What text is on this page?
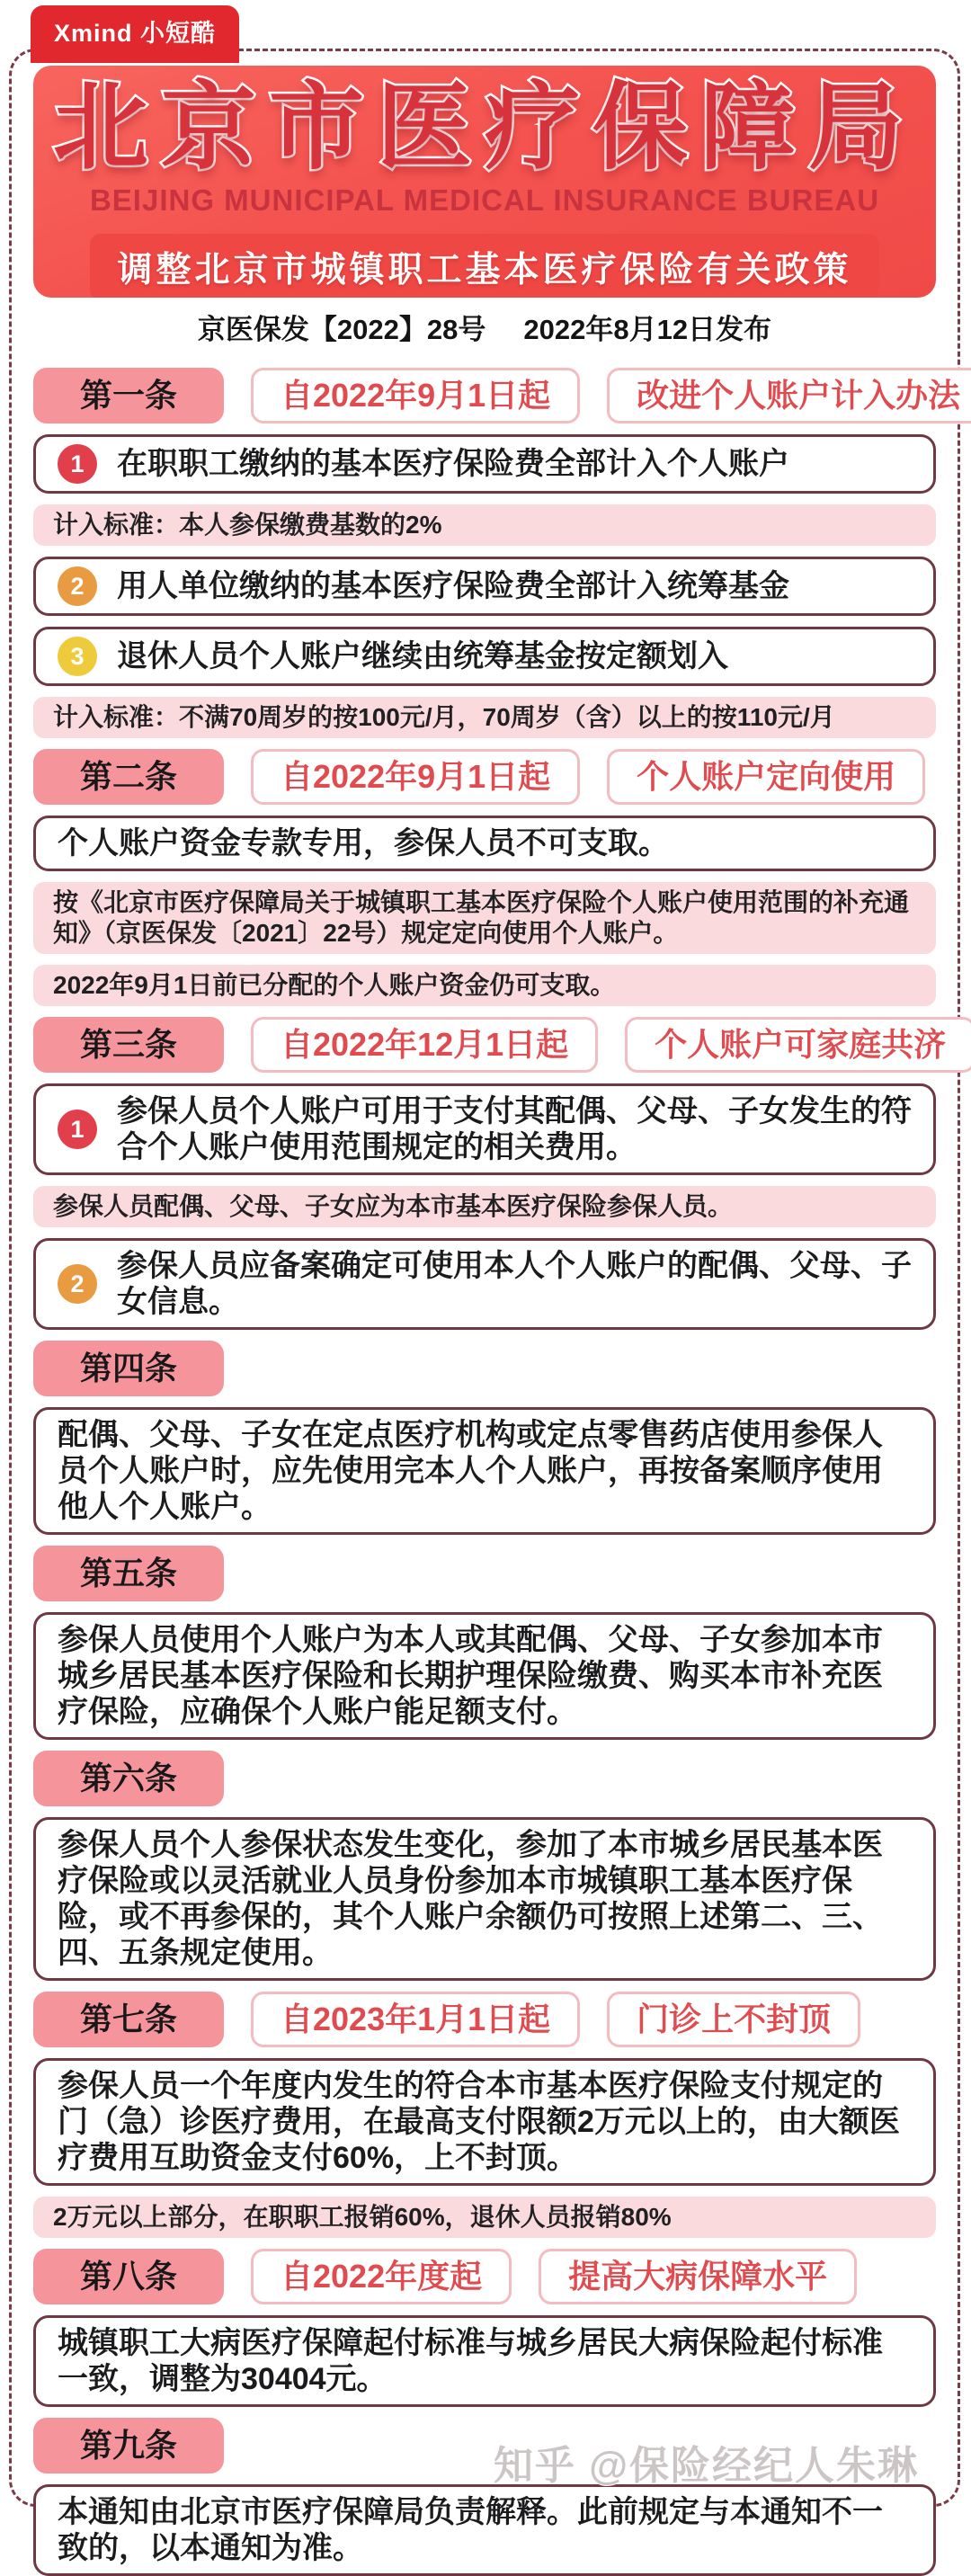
Xmind 小短酷
北京市医疗保障局
BEIJING MUNICIPAL MEDICAL INSURANCE BUREAU
调整北京市城镇职工基本医疗保险有关政策
京医保发【2022】28号 2022年8月12日发布
第一条	自2022年9月1日起	改进个人账户计入办法
1	在职职工缴纳的基本医疗保险费全部计入个人账户
计入标准：本人参保缴费基数的2%
2	用人单位缴纳的基本医疗保险费全部计入统筹基金
3	退休人员个人账户继续由统筹基金按定额划入
计入标准：不满70周岁的按100元/月，70周岁（含）以上的按110元/月
第二条	自2022年9月1日起	个人账户定向使用
个人账户资金专款专用，参保人员不可支取。
按《北京市医疗保障局关于城镇职工基本医疗保险个人账户使用范围的补充通知》（京医保发〔2021〕22号）规定定向使用个人账户。
2022年9月1日前已分配的个人账户资金仍可支取。
第三条	自2022年12月1日起	个人账户可家庭共济
1
参保人员个人账户可用于支付其配偶、父母、子女发生的符合个人账户使用范围规定的相关费用。
参保人员配偶、父母、子女应为本市基本医疗保险参保人员。
2
参保人员应备案确定可使用本人个人账户的配偶、父母、子女信息。
第四条
配偶、父母、子女在定点医疗机构或定点零售药店使用参保人员个人账户时，应先使用完本人个人账户，再按备案顺序使用他人个人账户。
第五条
参保人员使用个人账户为本人或其配偶、父母、子女参加本市城乡居民基本医疗保险和长期护理保险缴费、购买本市补充医疗保险，应确保个人账户能足额支付。
第六条
参保人员个人参保状态发生变化，参加了本市城乡居民基本医疗保险或以灵活就业人员身份参加本市城镇职工基本医疗保险，或不再参保的，其个人账户余额仍可按照上述第二、三、四、五条规定使用。
第七条	自2023年1月1日起	门诊上不封顶
参保人员一个年度内发生的符合本市基本医疗保险支付规定的门（急）诊医疗费用，在最高支付限额2万元以上的，由大额医疗费用互助资金支付60%，上不封顶。
2万元以上部分，在职职工报销60%，退休人员报销80%
第八条	自2022年度起	提高大病保障水平
城镇职工大病医疗保障起付标准与城乡居民大病保险起付标准一致，调整为30404元。
第九条
本通知由北京市医疗保障局负责解释。此前规定与本通知不一致的，以本通知为准。
知乎 @保险经纪人朱琳
